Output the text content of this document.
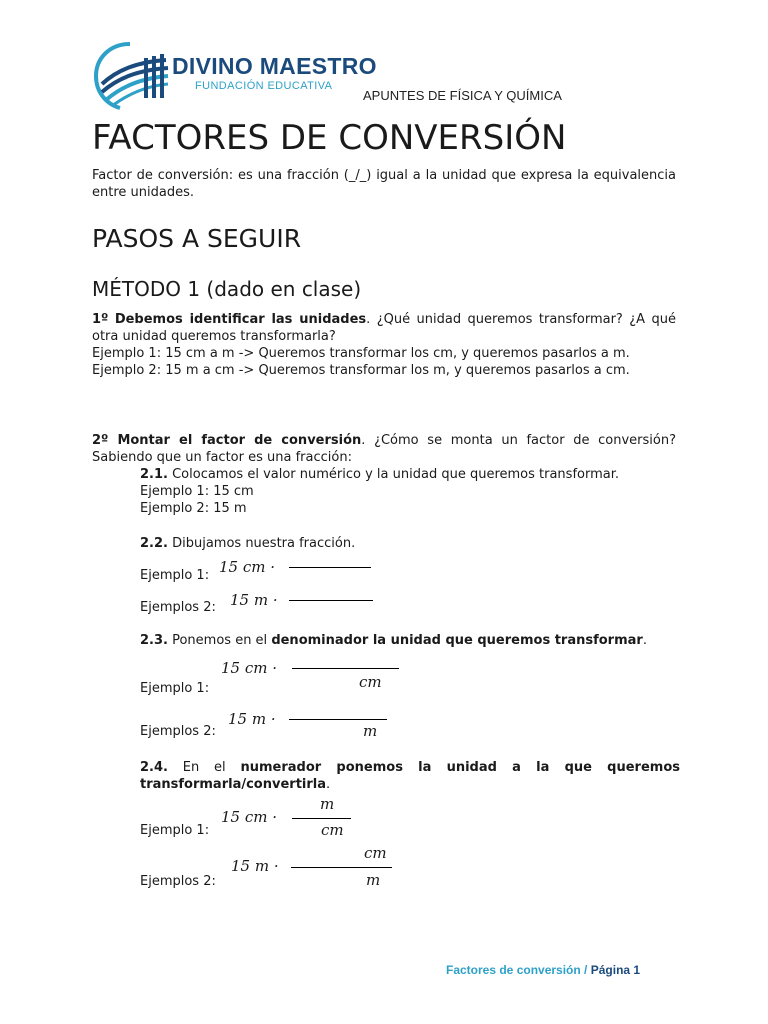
DIVINO MAESTRO
FUNDACIÓN EDUCATIVA
APUNTES DE FÍSICA Y QUÍMICA
FACTORES DE CONVERSIÓN

Factor de conversión: es una fracción (_/_) igual a la unidad que expresa la equivalencia entre unidades.

PASOS A SEGUIR
MÉTODO 1 (dado en clase)

1º Debemos identificar las unidades. ¿Qué unidad queremos transformar? ¿A qué otra unidad queremos transformarla?

Ejemplo 1: 15 cm a m -> Queremos transformar los cm, y queremos pasarlos a m.

Ejemplo 2: 15 m a cm -> Queremos transformar los m, y queremos pasarlos a cm.

2º Montar el factor de conversión. ¿Cómo se monta un factor de conversión? Sabiendo que un factor es una fracción:

2.1. Colocamos el valor numérico y la unidad que queremos transformar.

Ejemplo 1: 15 cm

Ejemplo 2: 15 m

2.2. Dibujamos nuestra fracción.

Ejemplo 1: 15 cm ·
Ejemplos 2: 15 m ·

2.3. Ponemos en el denominador la unidad que queremos transformar.

Ejemplo 1:
15 cm ·
cm
Ejemplos 2:
15 m ·
m

2.4. En el numerador ponemos la unidad a la que queremos transformarla/convertirla.

m
Ejemplo 1:
15 cm ·
cm
cm
Ejemplos 2:
15 m ·
m
Factores de conversión / Página 1
